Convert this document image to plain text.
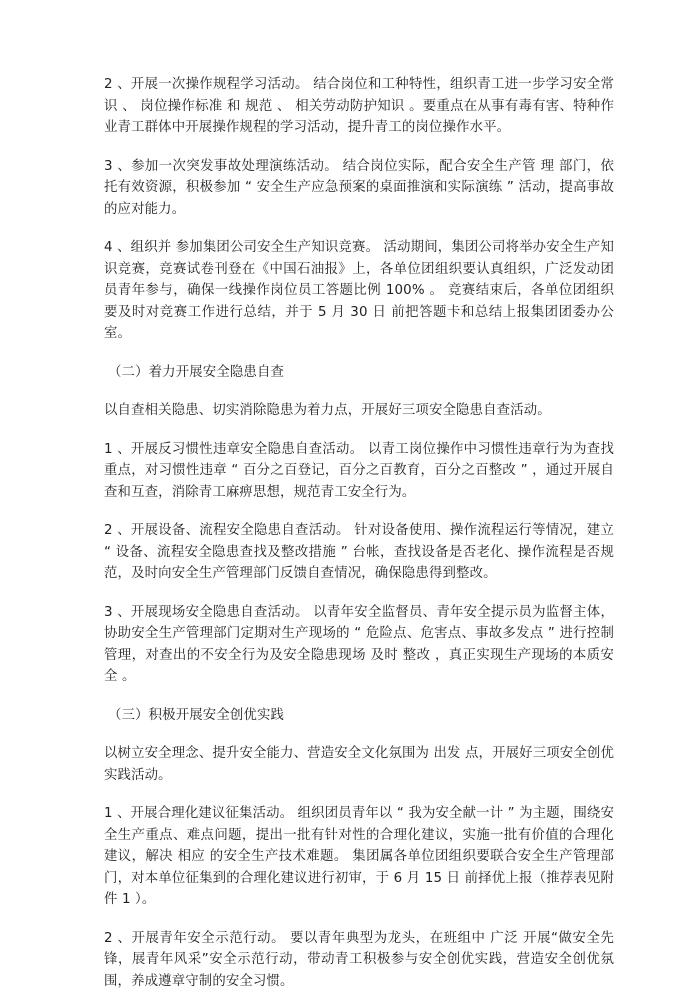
2 、开展一次操作规程学习活动。 结合岗位和工种特性，组织青工进一步学习安全常识 、 岗位操作标准 和 规范 、 相关劳动防护知识 。要重点在从事有毒有害、特种作业青工群体中开展操作规程的学习活动，提升青工的岗位操作水平。

3 、参加一次突发事故处理演练活动。 结合岗位实际，配合安全生产管 理 部门，依托有效资源，积极参加 “ 安全生产应急预案的桌面推演和实际演练 ” 活动，提高事故的应对能力。

4 、组织并 参加集团公司安全生产知识竞赛。 活动期间，集团公司将举办安全生产知识竞赛，竞赛试卷刊登在《中国石油报》上，各单位团组织要认真组织，广泛发动团员青年参与，确保一线操作岗位员工答题比例 100% 。 竞赛结束后，各单位团组织要及时对竞赛工作进行总结，并于 5 月 30 日 前把答题卡和总结上报集团团委办公室。

（二）着力开展安全隐患自查

以自查相关隐患、切实消除隐患为着力点，开展好三项安全隐患自查活动。

1 、开展反习惯性违章安全隐患自查活动。 以青工岗位操作中习惯性违章行为为查找重点，对习惯性违章 “ 百分之百登记，百分之百教育，百分之百整改 ” ，通过开展自查和互查，消除青工麻痹思想，规范青工安全行为。

2 、开展设备、流程安全隐患自查活动。 针对设备使用、操作流程运行等情况，建立 “ 设备、流程安全隐患查找及整改措施 ” 台帐，查找设备是否老化、操作流程是否规范，及时向安全生产管理部门反馈自查情况，确保隐患得到整改。

3 、开展现场安全隐患自查活动。 以青年安全监督员、青年安全提示员为监督主体，协助安全生产管理部门定期对生产现场的 “ 危险点、危害点、事故多发点 ” 进行控制管理，对查出的不安全行为及安全隐患现场 及时 整改 ，真正实现生产现场的本质安全 。

（三）积极开展安全创优实践

以树立安全理念、提升安全能力、营造安全文化氛围为 出发 点，开展好三项安全创优实践活动。

1 、开展合理化建议征集活动。 组织团员青年以 “ 我为安全献一计 ” 为主题，围绕安全生产重点、难点问题，提出一批有针对性的合理化建议，实施一批有价值的合理化建议，解决 相应 的安全生产技术难题。 集团属各单位团组织要联合安全生产管理部门，对本单位征集到的合理化建议进行初审，于 6 月 15 日 前择优上报（推荐表见附件 1 ）。

2 、开展青年安全示范行动。 要以青年典型为龙头，在班组中 广泛 开展“做安全先锋，展青年风采”安全示范行动，带动青工积极参与安全创优实践，营造安全创优氛围，养成遵章守制的安全习惯。
